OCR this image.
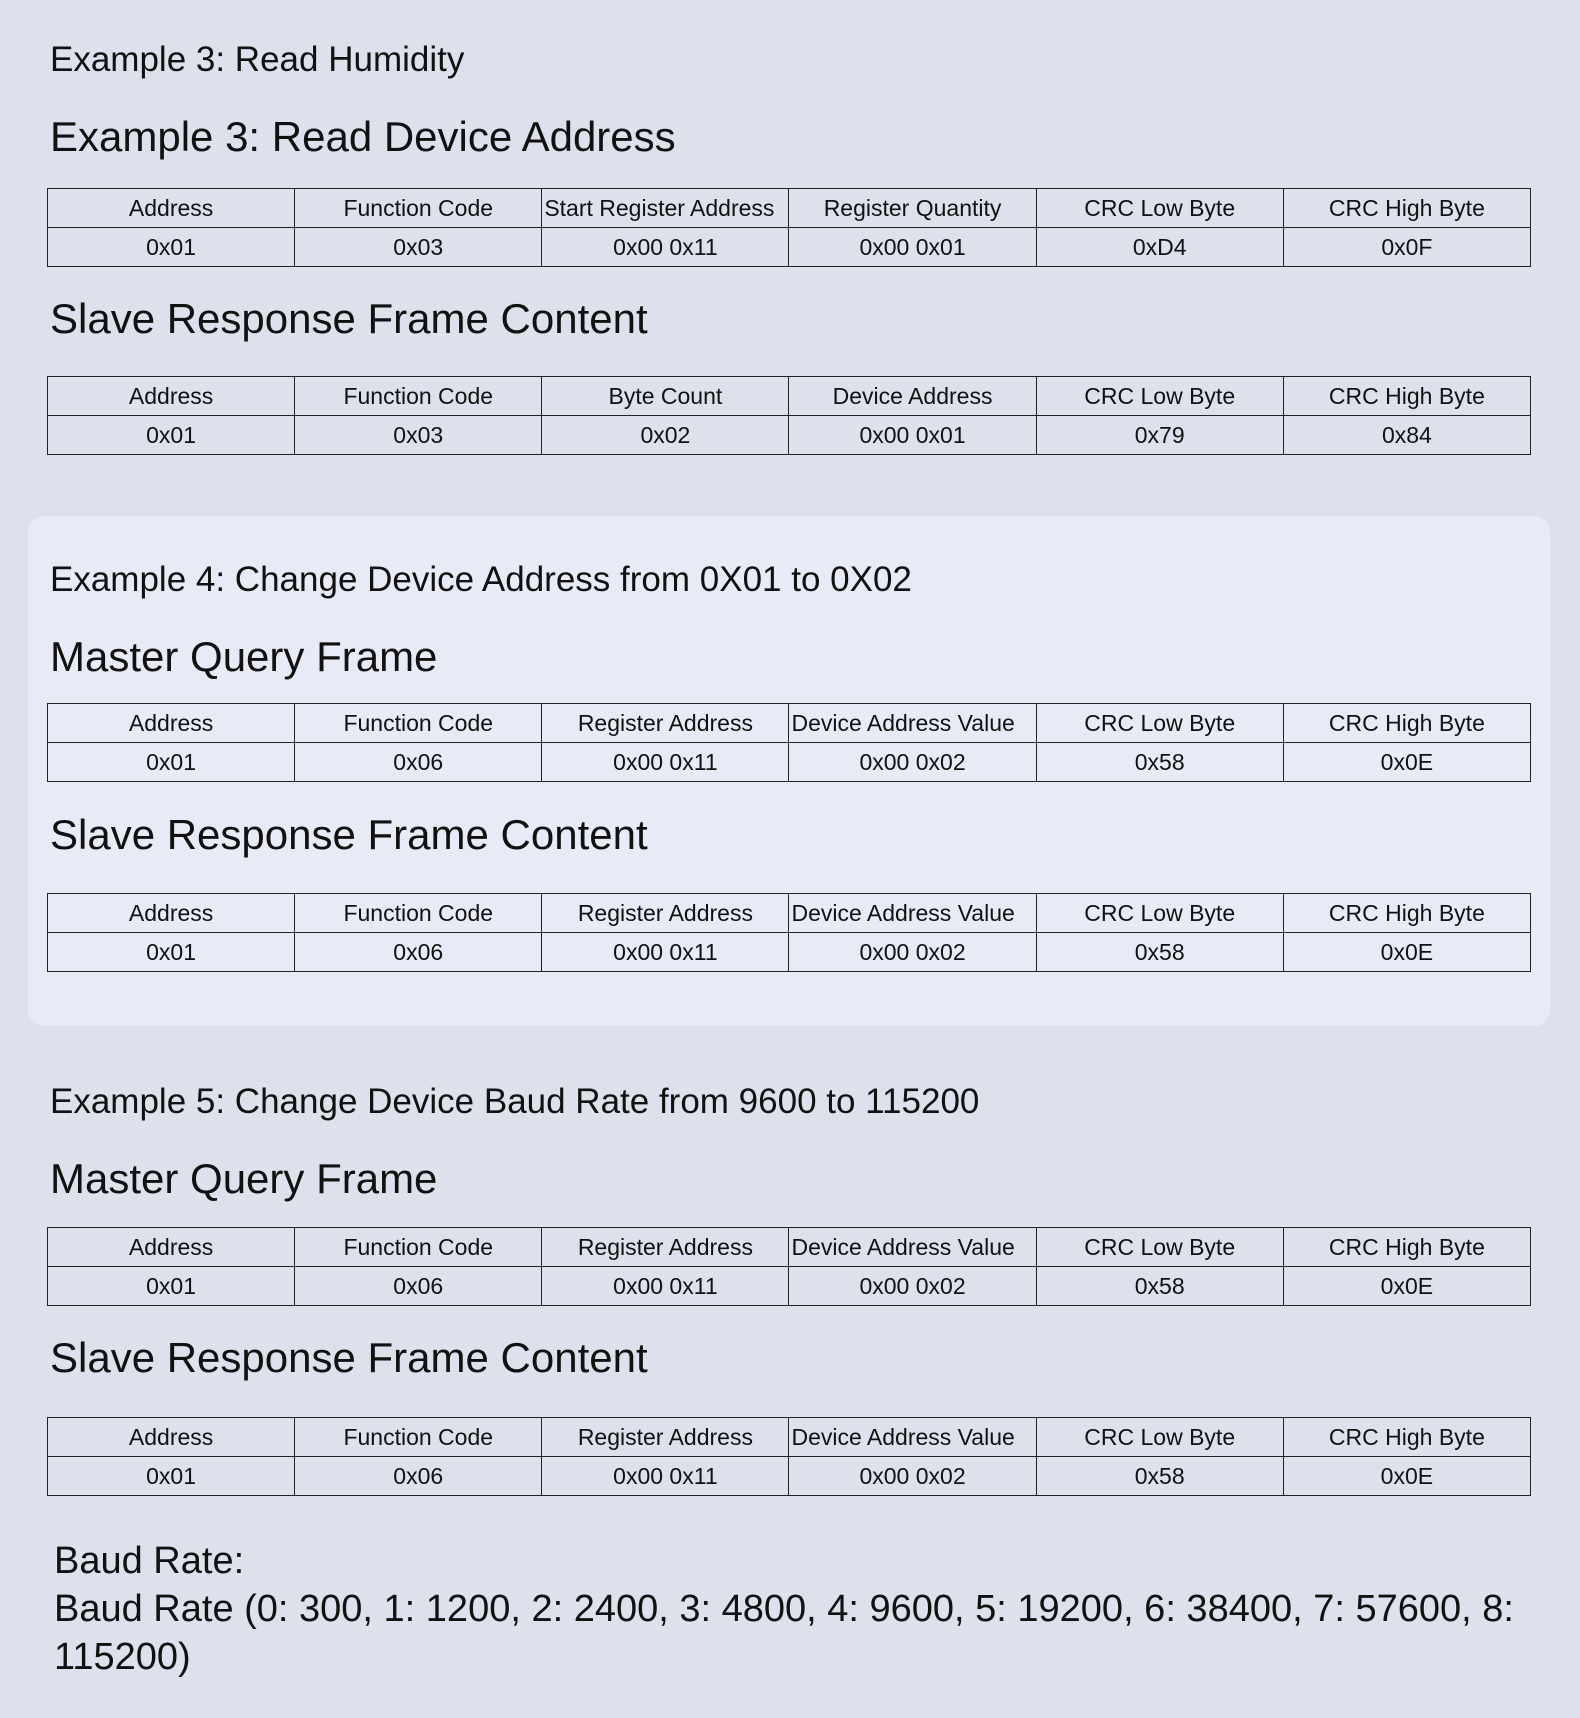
Example 3: Read Humidity
Example 3: Read Device Address
Address	Function Code	Start Register Address	Register Quantity	CRC Low Byte	CRC High Byte
0x01	0x03	0x00 0x11	0x00 0x01	0xD4	0x0F
Slave Response Frame Content
Address	Function Code	Byte Count	Device Address	CRC Low Byte	CRC High Byte
0x01	0x03	0x02	0x00 0x01	0x79	0x84
Example 4: Change Device Address from 0X01 to 0X02
Master Query Frame
Address	Function Code	Register Address	Device Address Value	CRC Low Byte	CRC High Byte
0x01	0x06	0x00 0x11	0x00 0x02	0x58	0x0E
Slave Response Frame Content
Address	Function Code	Register Address	Device Address Value	CRC Low Byte	CRC High Byte
0x01	0x06	0x00 0x11	0x00 0x02	0x58	0x0E
Example 5: Change Device Baud Rate from 9600 to 115200
Master Query Frame
Address	Function Code	Register Address	Device Address Value	CRC Low Byte	CRC High Byte
0x01	0x06	0x00 0x11	0x00 0x02	0x58	0x0E
Slave Response Frame Content
Address	Function Code	Register Address	Device Address Value	CRC Low Byte	CRC High Byte
0x01	0x06	0x00 0x11	0x00 0x02	0x58	0x0E
Baud Rate:
Baud Rate (0: 300, 1: 1200, 2: 2400, 3: 4800, 4: 9600, 5: 19200, 6: 38400, 7: 57600, 8: 115200)
